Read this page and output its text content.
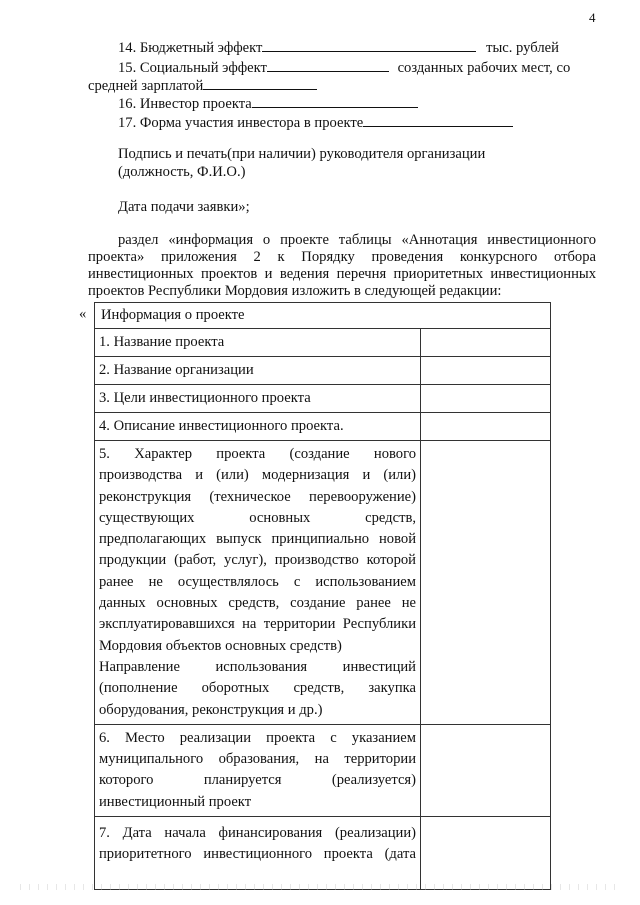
4
14. Бюджетный эффект	тыс. рублей
15. Социальный эффект	созданных рабочих мест, со
средней зарплатой
16. Инвестор проекта
17. Форма участия инвестора в проекте
Подпись и печать(при наличии) руководителя организации
(должность, Ф.И.О.)
Дата подачи заявки»;
раздел «информация о проекте таблицы «Аннотация инвестиционного
проекта» приложения 2 к Порядку проведения конкурсного отбора
инвестиционных проектов и ведения перечня приоритетных инвестиционных
проектов Республики Мордовия изложить в следующей редакции:
«	Информация о проекте
1. Название проекта
2. Название организации
3. Цели инвестиционного проекта
4. Описание инвестиционного проекта.
5. Характер проекта (создание нового
производства и (или) модернизация и (или)
реконструкция (техническое перевооружение)
существующих основных средств,
предполагающих выпуск принципиально новой
продукции (работ, услуг), производство которой
ранее не осуществлялось с использованием
данных основных средств, создание ранее не
эксплуатировавшихся на территории Республики
Мордовия объектов основных средств)
Направление использования инвестиций
(пополнение оборотных средств, закупка
оборудования, реконструкция и др.)
6. Место реализации проекта с указанием
муниципального образования, на территории
которого планируется (реализуется)
инвестиционный проект
7. Дата начала финансирования (реализации)
приоритетного инвестиционного проекта (дата
